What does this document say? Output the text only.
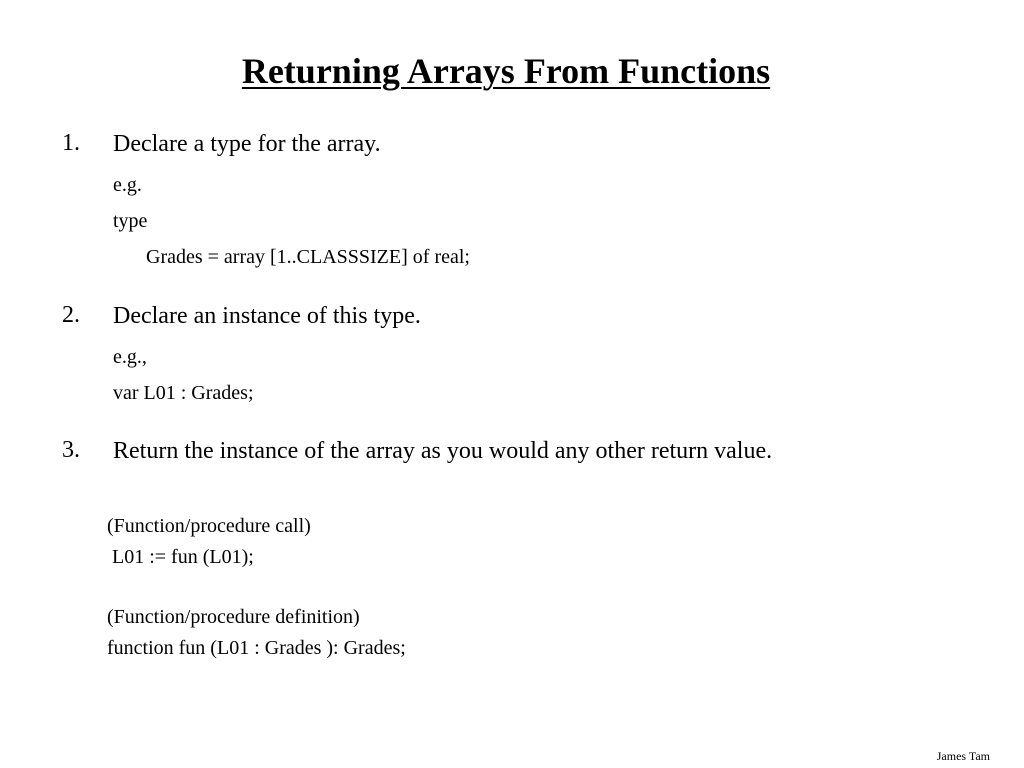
Returning Arrays From Functions
1. Declare a type for the array.
e.g.
type
Grades = array [1..CLASSSIZE] of real;
2. Declare an instance of this type.
e.g.,
var L01 : Grades;
3. Return the instance of the array as you would any other return value.
(Function/procedure call)
L01 := fun (L01);
(Function/procedure definition)
function fun (L01 : Grades ): Grades;
James Tam
